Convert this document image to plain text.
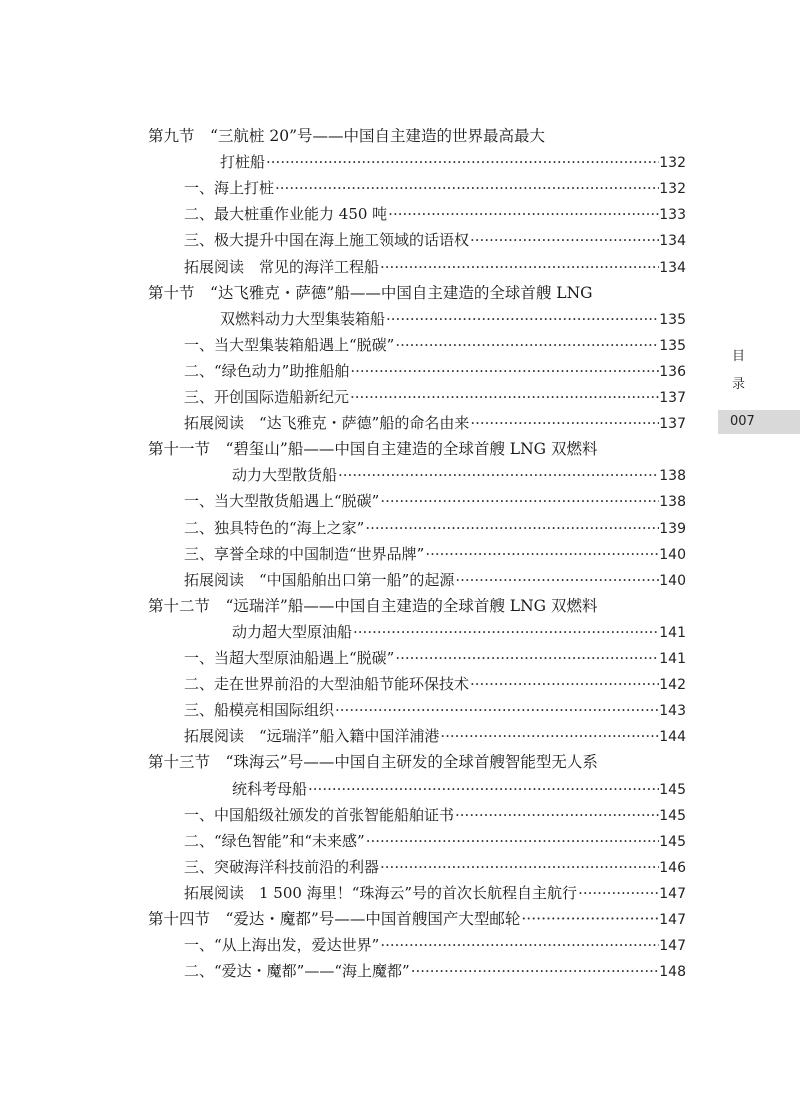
第九节　“三航桩 20”号——中国自主建造的世界最高最大
打桩船 ·····	132
一、海上打桩 ·····	132
二、最大桩重作业能力 450 吨 ·····	133
三、极大提升中国在海上施工领域的话语权 ·····	134
拓展阅读　常见的海洋工程船 ·····	134
第十节　“达飞雅克・萨德”船——中国自主建造的全球首艘 LNG
双燃料动力大型集装箱船 ·····	135
一、当大型集装箱船遇上“脱碳” ·····	135
二、“绿色动力”助推船舶 ·····	136
三、开创国际造船新纪元 ·····	137
拓展阅读　“达飞雅克・萨德”船的命名由来 ·····	137
第十一节　“碧玺山”船——中国自主建造的全球首艘 LNG 双燃料
动力大型散货船 ·····	138
一、当大型散货船遇上“脱碳” ·····	138
二、独具特色的“海上之家” ·····	139
三、享誉全球的中国制造“世界品牌” ·····	140
拓展阅读　“中国船舶出口第一船”的起源 ·····	140
第十二节　“远瑞洋”船——中国自主建造的全球首艘 LNG 双燃料
动力超大型原油船 ·····	141
一、当超大型原油船遇上“脱碳” ·····	141
二、走在世界前沿的大型油船节能环保技术 ·····	142
三、船模亮相国际组织 ·····	143
拓展阅读　“远瑞洋”船入籍中国洋浦港 ·····	144
第十三节　“珠海云”号——中国自主研发的全球首艘智能型无人系
统科考母船 ·····	145
一、中国船级社颁发的首张智能船舶证书 ·····	145
二、“绿色智能”和“未来感” ·····	145
三、突破海洋科技前沿的利器 ·····	146
拓展阅读　1 500 海里！“珠海云”号的首次长航程自主航行 ·····	147
第十四节　“爱达・魔都”号——中国首艘国产大型邮轮 ·····	147
一、“从上海出发，爱达世界” ·····	147
二、“爱达・魔都”——“海上魔都” ·····	148
目
录
007
